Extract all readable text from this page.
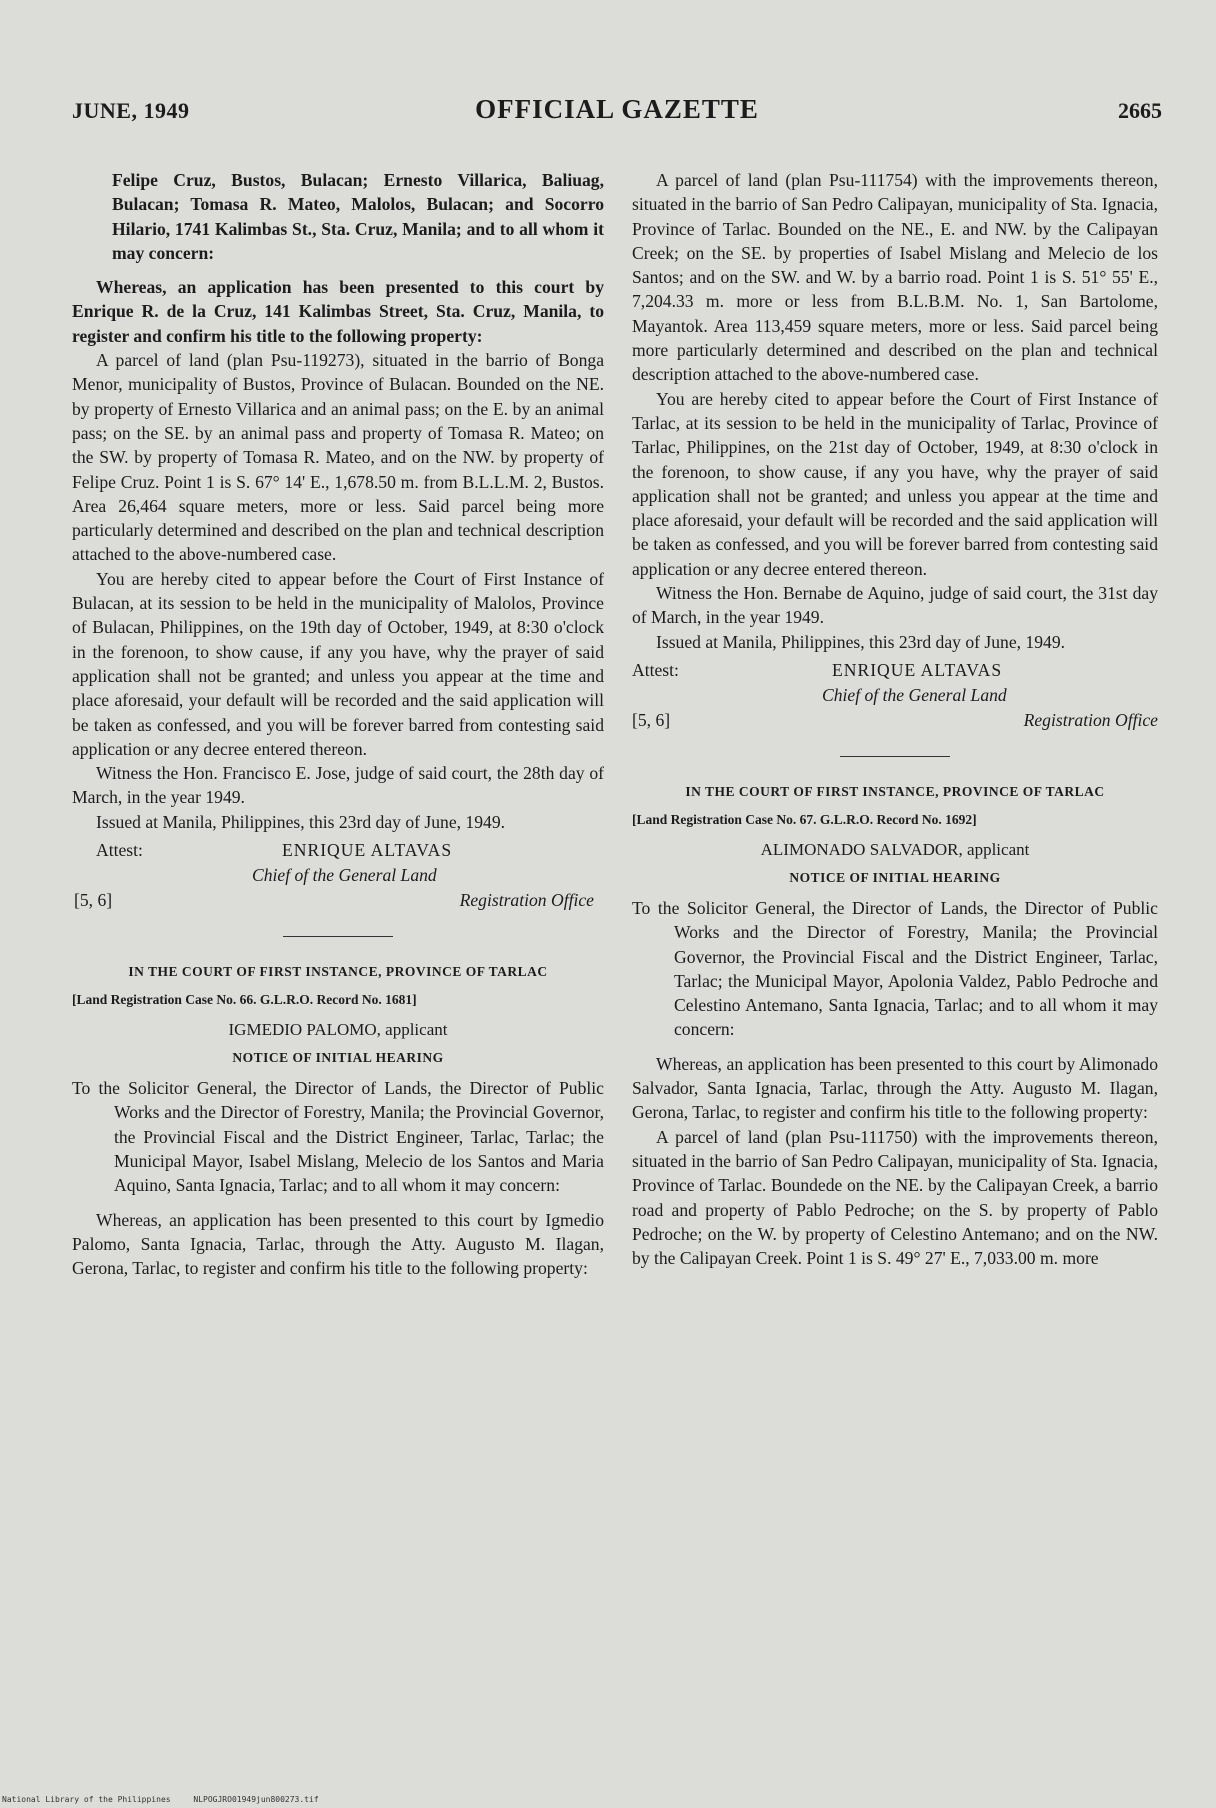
JUNE, 1949	OFFICIAL GAZETTE	2665

Felipe Cruz, Bustos, Bulacan; Ernesto Villarica, Baliuag, Bulacan; Tomasa R. Mateo, Malolos, Bulacan; and Socorro Hilario, 1741 Kalimbas St., Sta. Cruz, Manila; and to all whom it may concern:

Whereas, an application has been presented to this court by Enrique R. de la Cruz, 141 Kalimbas Street, Sta. Cruz, Manila, to register and confirm his title to the following property:

A parcel of land (plan Psu-119273), situated in the barrio of Bonga Menor, municipality of Bustos, Province of Bulacan. Bounded on the NE. by property of Ernesto Villarica and an animal pass; on the E. by an animal pass; on the SE. by an animal pass and property of Tomasa R. Mateo; on the SW. by property of Tomasa R. Mateo, and on the NW. by property of Felipe Cruz. Point 1 is S. 67° 14' E., 1,678.50 m. from B.L.L.M. 2, Bustos. Area 26,464 square meters, more or less. Said parcel being more particularly determined and described on the plan and technical description attached to the above-numbered case.

You are hereby cited to appear before the Court of First Instance of Bulacan, at its session to be held in the municipality of Malolos, Province of Bulacan, Philippines, on the 19th day of October, 1949, at 8:30 o'clock in the forenoon, to show cause, if any you have, why the prayer of said application shall not be granted; and unless you appear at the time and place aforesaid, your default will be recorded and the said application will be taken as confessed, and you will be forever barred from contesting said application or any decree entered thereon.

Witness the Hon. Francisco E. Jose, judge of said court, the 28th day of March, in the year 1949.

Issued at Manila, Philippines, this 23rd day of June, 1949.

Attest:	ENRIQUE ALTAVAS
Chief of the General Land
[5, 6]	Registration Office
IN THE COURT OF FIRST INSTANCE, PROVINCE OF TARLAC
[Land Registration Case No. 66. G.L.R.O. Record No. 1681]
IGMEDIO PALOMO, applicant
NOTICE OF INITIAL HEARING

To the Solicitor General, the Director of Lands, the Director of Public Works and the Director of Forestry, Manila; the Provincial Governor, the Provincial Fiscal and the District Engineer, Tarlac, Tarlac; the Municipal Mayor, Isabel Mislang, Melecio de los Santos and Maria Aquino, Santa Ignacia, Tarlac; and to all whom it may concern:

Whereas, an application has been presented to this court by Igmedio Palomo, Santa Ignacia, Tarlac, through the Atty. Augusto M. Ilagan, Gerona, Tarlac, to register and confirm his title to the following property:

A parcel of land (plan Psu-111754) with the improvements thereon, situated in the barrio of San Pedro Calipayan, municipality of Sta. Ignacia, Province of Tarlac. Bounded on the NE., E. and NW. by the Calipayan Creek; on the SE. by properties of Isabel Mislang and Melecio de los Santos; and on the SW. and W. by a barrio road. Point 1 is S. 51° 55' E., 7,204.33 m. more or less from B.L.B.M. No. 1, San Bartolome, Mayantok. Area 113,459 square meters, more or less. Said parcel being more particularly determined and described on the plan and technical description attached to the above-numbered case.

You are hereby cited to appear before the Court of First Instance of Tarlac, at its session to be held in the municipality of Tarlac, Province of Tarlac, Philippines, on the 21st day of October, 1949, at 8:30 o'clock in the forenoon, to show cause, if any you have, why the prayer of said application shall not be granted; and unless you appear at the time and place aforesaid, your default will be recorded and the said application will be taken as confessed, and you will be forever barred from contesting said application or any decree entered thereon.

Witness the Hon. Bernabe de Aquino, judge of said court, the 31st day of March, in the year 1949.

Issued at Manila, Philippines, this 23rd day of June, 1949.

Attest:	ENRIQUE ALTAVAS
Chief of the General Land
[5, 6]	Registration Office
IN THE COURT OF FIRST INSTANCE, PROVINCE OF TARLAC
[Land Registration Case No. 67. G.L.R.O. Record No. 1692]
ALIMONADO SALVADOR, applicant
NOTICE OF INITIAL HEARING

To the Solicitor General, the Director of Lands, the Director of Public Works and the Director of Forestry, Manila; the Provincial Governor, the Provincial Fiscal and the District Engineer, Tarlac, Tarlac; the Municipal Mayor, Apolonia Valdez, Pablo Pedroche and Celestino Antemano, Santa Ignacia, Tarlac; and to all whom it may concern:

Whereas, an application has been presented to this court by Alimonado Salvador, Santa Ignacia, Tarlac, through the Atty. Augusto M. Ilagan, Gerona, Tarlac, to register and confirm his title to the following property:

A parcel of land (plan Psu-111750) with the improvements thereon, situated in the barrio of San Pedro Calipayan, municipality of Sta. Ignacia, Province of Tarlac. Boundede on the NE. by the Calipayan Creek, a barrio road and property of Pablo Pedroche; on the S. by property of Pablo Pedroche; on the W. by property of Celestino Antemano; and on the NW. by the Calipayan Creek. Point 1 is S. 49° 27' E., 7,033.00 m. more

National Library of the Philippines	NLPOGJRO01949jun800273.tif
